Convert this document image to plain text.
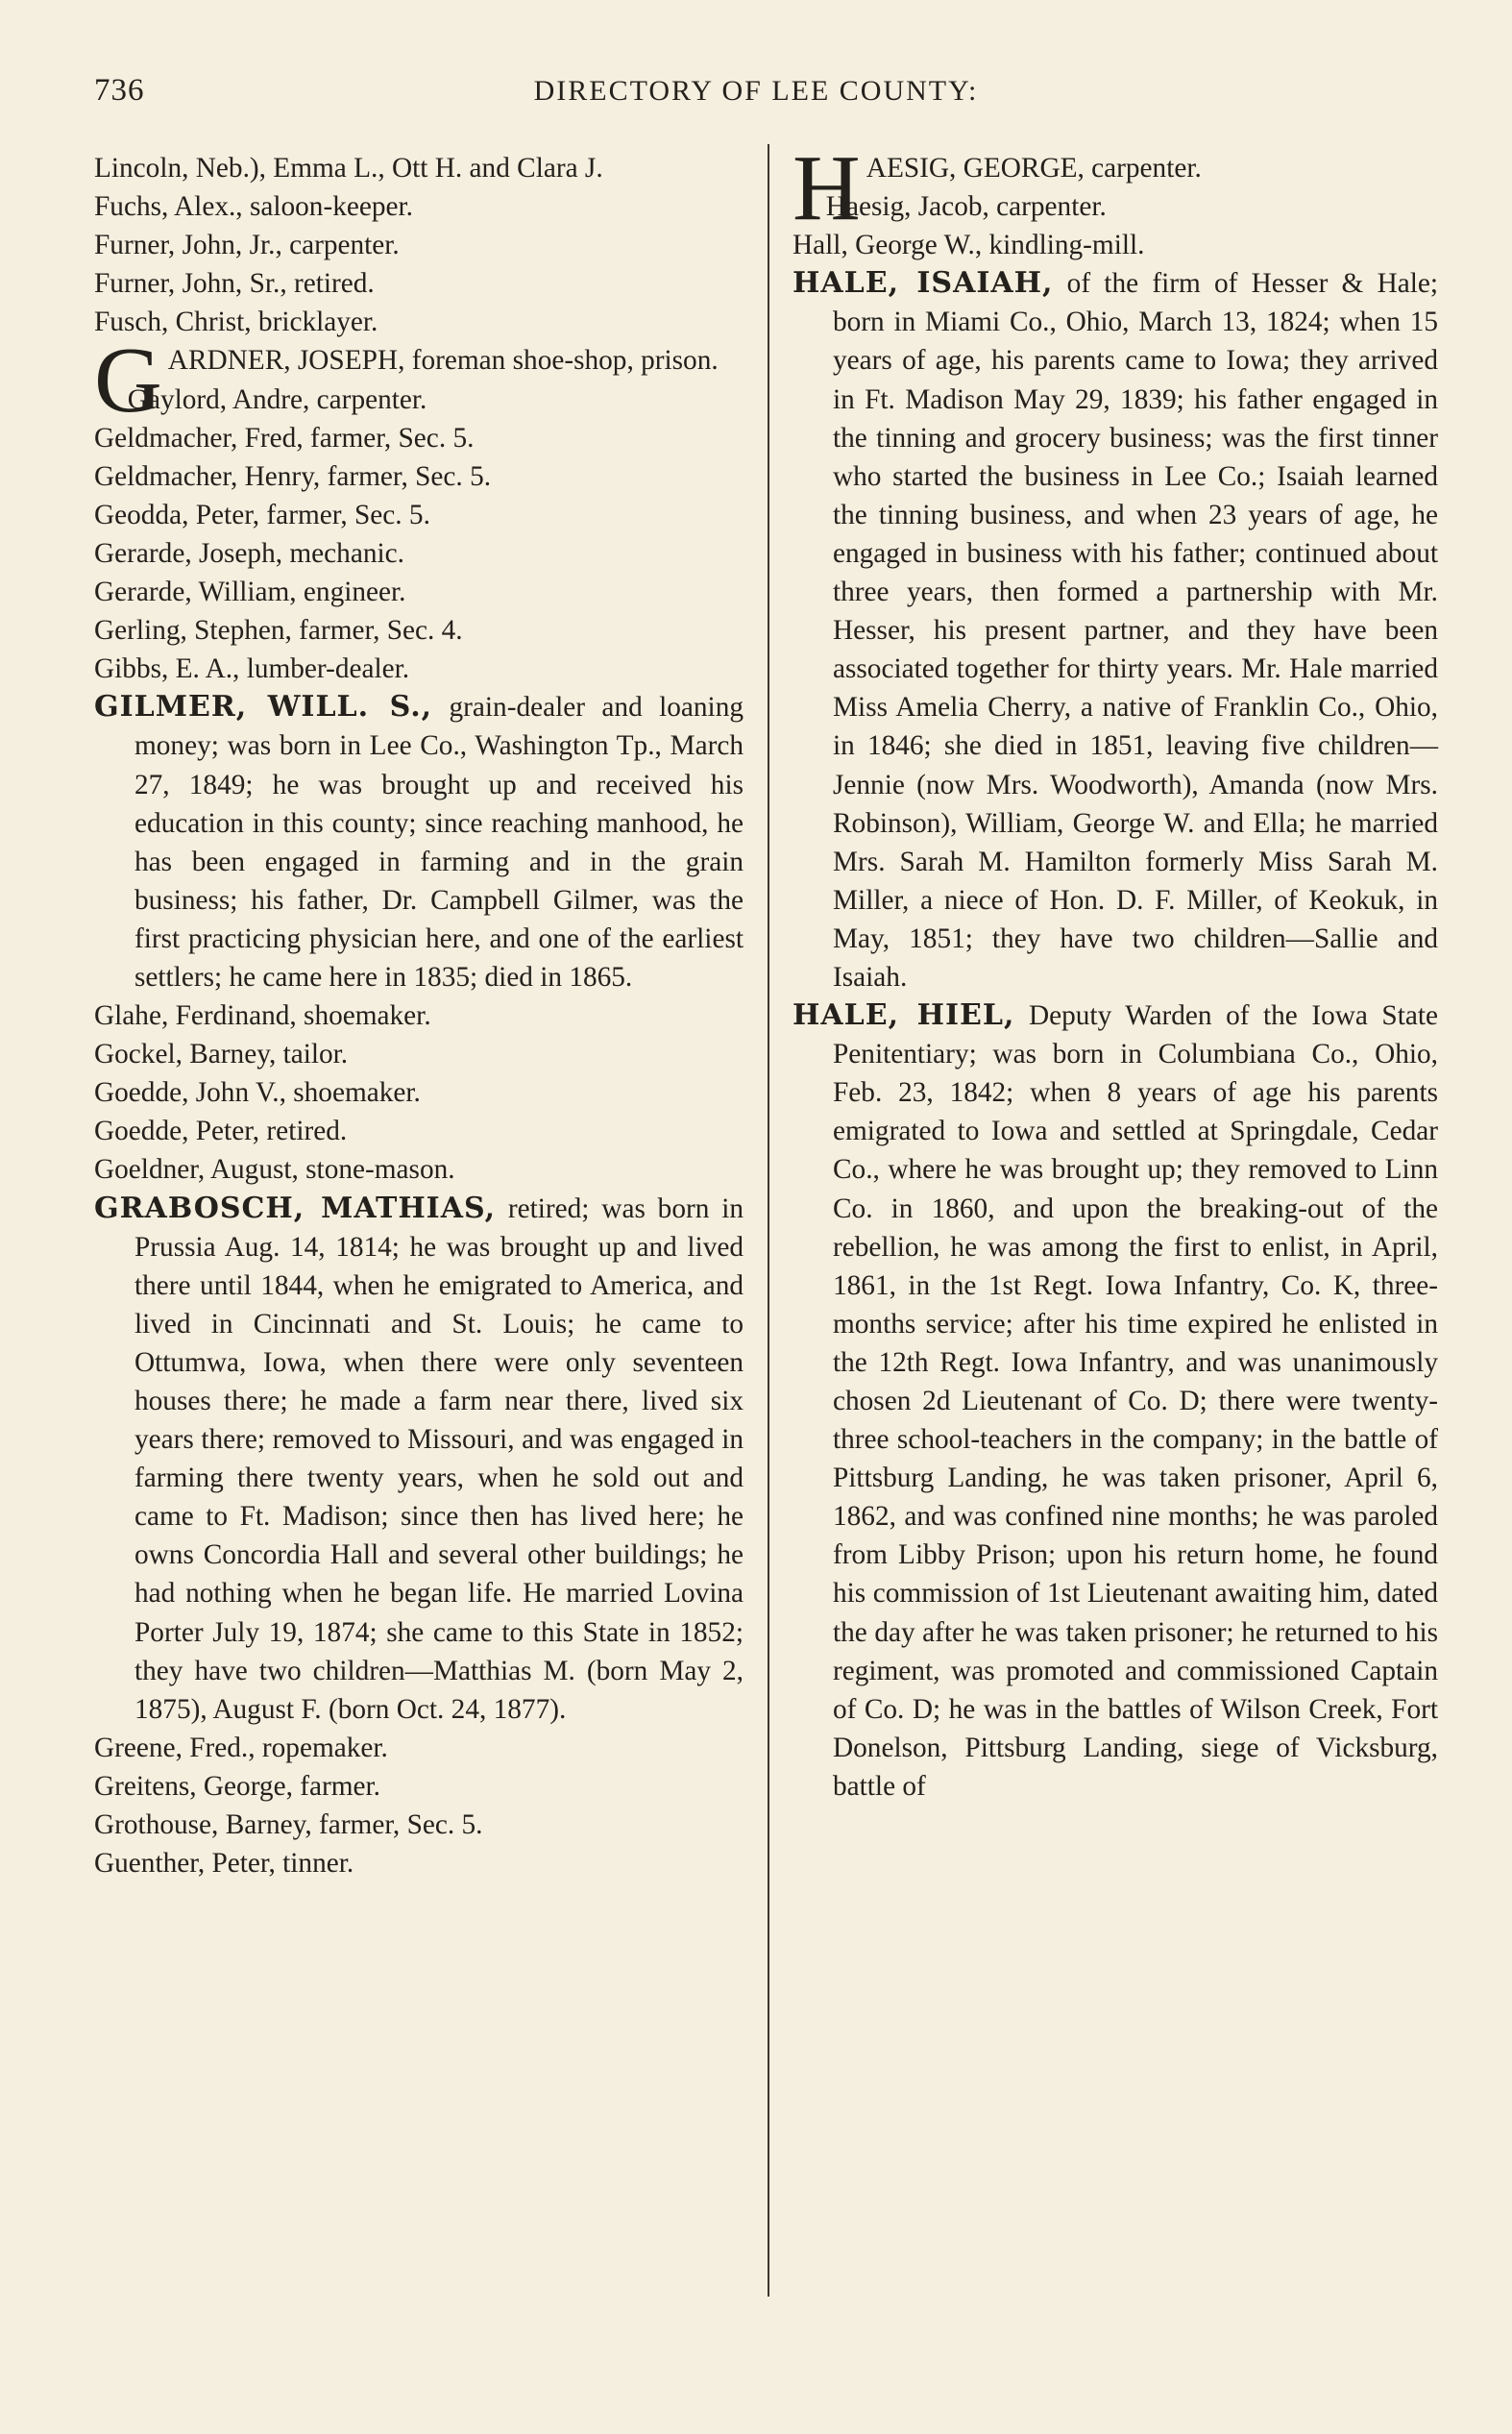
736	DIRECTORY OF LEE COUNTY:

Lincoln, Neb.), Emma L., Ott H. and Clara J.

Fuchs, Alex., saloon-keeper.

Furner, John, Jr., carpenter.

Furner, John, Sr., retired.

Fusch, Christ, bricklayer.

GARDNER, JOSEPH, foreman shoe-shop, prison.

Gaylord, Andre, carpenter.

Geldmacher, Fred, farmer, Sec. 5.

Geldmacher, Henry, farmer, Sec. 5.

Geodda, Peter, farmer, Sec. 5.

Gerarde, Joseph, mechanic.

Gerarde, William, engineer.

Gerling, Stephen, farmer, Sec. 4.

Gibbs, E. A., lumber-dealer.

GILMER, WILL. S., grain-dealer and loaning money; was born in Lee Co., Washington Tp., March 27, 1849; he was brought up and received his education in this county; since reaching manhood, he has been engaged in farming and in the grain business; his father, Dr. Campbell Gilmer, was the first practicing physician here, and one of the earliest settlers; he came here in 1835; died in 1865.

Glahe, Ferdinand, shoemaker.

Gockel, Barney, tailor.

Goedde, John V., shoemaker.

Goedde, Peter, retired.

Goeldner, August, stone-mason.

GRABOSCH, MATHIAS, retired; was born in Prussia Aug. 14, 1814; he was brought up and lived there until 1844, when he emigrated to America, and lived in Cincinnati and St. Louis; he came to Ottumwa, Iowa, when there were only seventeen houses there; he made a farm near there, lived six years there; removed to Missouri, and was engaged in farming there twenty years, when he sold out and came to Ft. Madison; since then has lived here; he owns Concordia Hall and several other buildings; he had nothing when he began life. He married Lovina Porter July 19, 1874; she came to this State in 1852; they have two children—Matthias M. (born May 2, 1875), August F. (born Oct. 24, 1877).

Greene, Fred., ropemaker.

Greitens, George, farmer.

Grothouse, Barney, farmer, Sec. 5.

Guenther, Peter, tinner.

HAESIG, GEORGE, carpenter.

Haesig, Jacob, carpenter.

Hall, George W., kindling-mill.

HALE, ISAIAH, of the firm of Hesser & Hale; born in Miami Co., Ohio, March 13, 1824; when 15 years of age, his parents came to Iowa; they arrived in Ft. Madison May 29, 1839; his father engaged in the tinning and grocery business; was the first tinner who started the business in Lee Co.; Isaiah learned the tinning business, and when 23 years of age, he engaged in business with his father; continued about three years, then formed a partnership with Mr. Hesser, his present partner, and they have been associated together for thirty years. Mr. Hale married Miss Amelia Cherry, a native of Franklin Co., Ohio, in 1846; she died in 1851, leaving five children—Jennie (now Mrs. Woodworth), Amanda (now Mrs. Robinson), William, George W. and Ella; he married Mrs. Sarah M. Hamilton formerly Miss Sarah M. Miller, a niece of Hon. D. F. Miller, of Keokuk, in May, 1851; they have two children—Sallie and Isaiah.

HALE, HIEL, Deputy Warden of the Iowa State Penitentiary; was born in Columbiana Co., Ohio, Feb. 23, 1842; when 8 years of age his parents emigrated to Iowa and settled at Springdale, Cedar Co., where he was brought up; they removed to Linn Co. in 1860, and upon the breaking-out of the rebellion, he was among the first to enlist, in April, 1861, in the 1st Regt. Iowa Infantry, Co. K, three-months service; after his time expired he enlisted in the 12th Regt. Iowa Infantry, and was unanimously chosen 2d Lieutenant of Co. D; there were twenty-three school-teachers in the company; in the battle of Pittsburg Landing, he was taken prisoner, April 6, 1862, and was confined nine months; he was paroled from Libby Prison; upon his return home, he found his commission of 1st Lieutenant awaiting him, dated the day after he was taken prisoner; he returned to his regiment, was promoted and commissioned Captain of Co. D; he was in the battles of Wilson Creek, Fort Donelson, Pittsburg Landing, siege of Vicksburg, battle of
